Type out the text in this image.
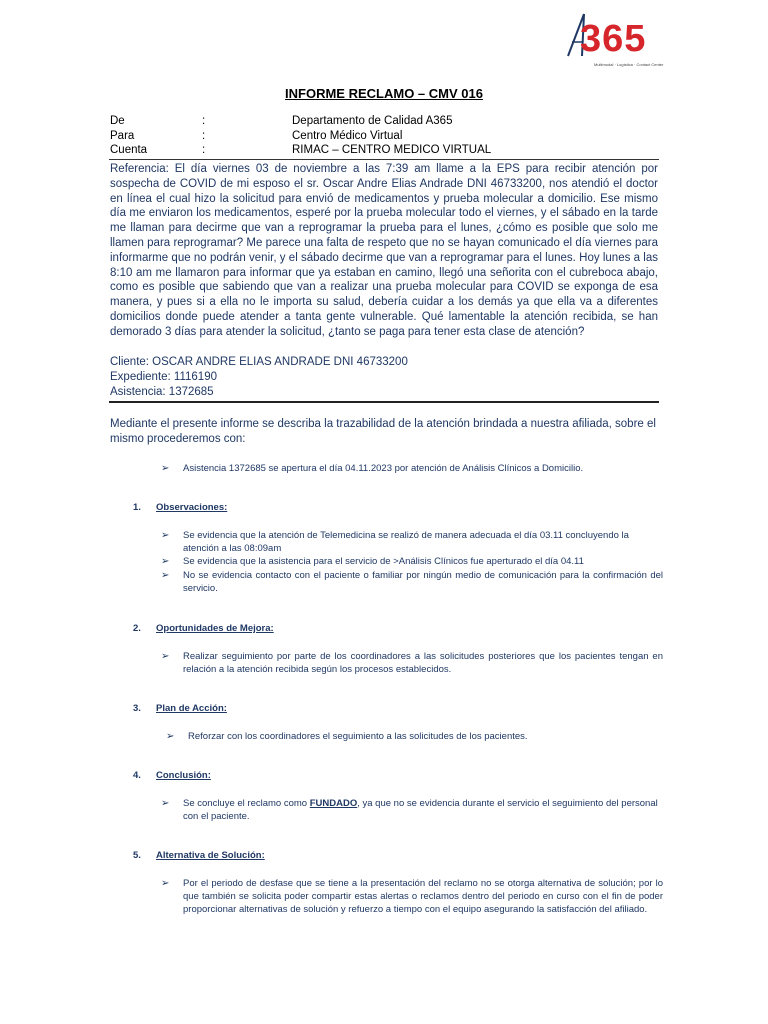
365
Multimodal · Logística · Contact Center
INFORME RECLAMO – CMV 016
De	:	Departamento de Calidad A365
Para	:	Centro Médico Virtual
Cuenta	:	RIMAC – CENTRO MEDICO VIRTUAL
Referencia: El día viernes 03 de noviembre a las 7:39 am llame a la EPS para recibir atención por sospecha de COVID de mi esposo el sr. Oscar Andre Elias Andrade DNI 46733200, nos atendió el doctor en línea el cual hizo la solicitud para envió de medicamentos y prueba molecular a domicilio. Ese mismo día me enviaron los medicamentos, esperé por la prueba molecular todo el viernes, y el sábado en la tarde me llaman para decirme que van a reprogramar la prueba para el lunes, ¿cómo es posible que solo me llamen para reprogramar? Me parece una falta de respeto que no se hayan comunicado el día viernes para informarme que no podrán venir, y el sábado decirme que van a reprogramar para el lunes. Hoy lunes a las 8:10 am me llamaron para informar que ya estaban en camino, llegó una señorita con el cubreboca abajo, como es posible que sabiendo que van a realizar una prueba molecular para COVID se exponga de esa manera, y pues si a ella no le importa su salud, debería cuidar a los demás ya que ella va a diferentes domicilios donde puede atender a tanta gente vulnerable. Qué lamentable la atención recibida, se han demorado 3 días para atender la solicitud, ¿tanto se paga para tener esta clase de atención?
Cliente: OSCAR ANDRE ELIAS ANDRADE DNI 46733200
Expediente: 1116190
Asistencia: 1372685
Mediante el presente informe se describa la trazabilidad de la atención brindada a nuestra afiliada, sobre el mismo procederemos con:
➢ Asistencia 1372685 se apertura el día 04.11.2023 por atención de Análisis Clínicos a Domicilio.
1. Observaciones:
➢ Se evidencia que la atención de Telemedicina se realizó de manera adecuada el día 03.11 concluyendo la atención a las 08:09am
➢ Se evidencia que la asistencia para el servicio de >Análisis Clínicos fue aperturado el día 04.11
➢ No se evidencia contacto con el paciente o familiar por ningún medio de comunicación para la confirmación del servicio.
2. Oportunidades de Mejora:
➢ Realizar seguimiento por parte de los coordinadores a las solicitudes posteriores que los pacientes tengan en relación a la atención recibida según los procesos establecidos.
3. Plan de Acción:
➢ Reforzar con los coordinadores el seguimiento a las solicitudes de los pacientes.
4. Conclusión:
➢ Se concluye el reclamo como FUNDADO, ya que no se evidencia durante el servicio el seguimiento del personal con el paciente.
5. Alternativa de Solución:
➢ Por el periodo de desfase que se tiene a la presentación del reclamo no se otorga alternativa de solución; por lo que también se solicita poder compartir estas alertas o reclamos dentro del periodo en curso con el fin de poder proporcionar alternativas de solución y refuerzo a tiempo con el equipo asegurando la satisfacción del afiliado.
